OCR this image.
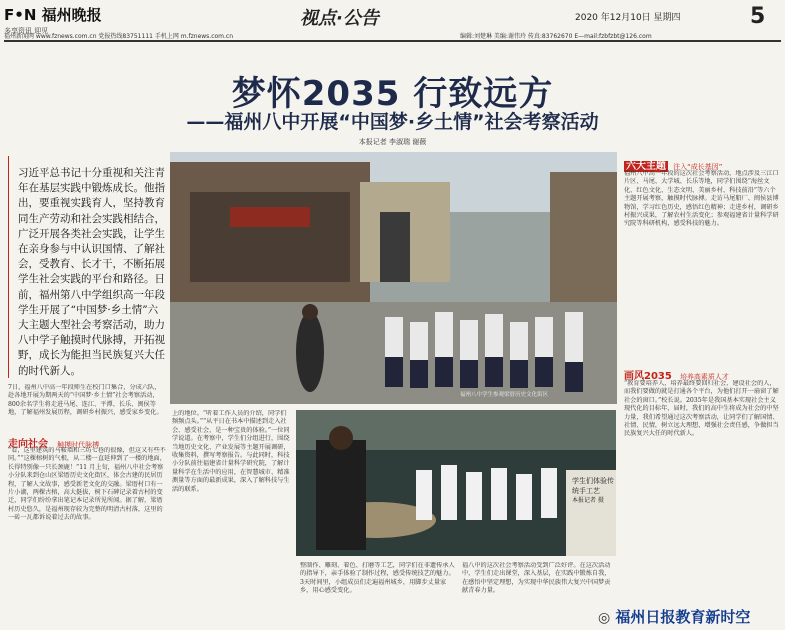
F•N 福州晚报
多享资讯 迎见
视点·公告	2020 年12月10日 星期四	5
福州新闻网 www.fznews.com.cn 党报热线83751111 手机上网 m.fznews.com.cn	编辑:刘楚琳 美编:谢伟玲 传真:83762670 E—mail:fzbfzbt@126.com
梦怀2035 行致远方
——福州八中开展“中国梦·乡土情”社会考察活动
本报记者 李淑瑞 谢薇
习近平总书记十分重视和关注青年在基层实践中锻炼成长。他指出，要重视实践育人，坚持教育同生产劳动和社会实践相结合，广泛开展各类社会实践，让学生在亲身参与中认识国情、了解社会，受教育、长才干，不断拓展学生社会实践的平台和路径。日前，福州第八中学组织高一年段学生开展了“中国梦·乡土情”六大主题大型社会考察活动，助力八中学子触摸时代脉搏，开拓视野，成长为能担当民族复兴大任的时代新人。
7日，福州八中高一年段师生在校门口集合，分成六队，赴各地开展为期两天的“中国梦·乡土情”社会考察活动，800余名学生将走进马尾、连江、平潭、长乐、闽侯等地，了解福州发展历程，调研乡村振兴，感受家乡变化。
走向社会 触摸时代脉搏
“看，这里建筑的马鞍墙和三坊七巷的很像，但这又有些不同。”“这棵榕树的气根，从二楼一直延伸到了一楼的地面，长得特别像一只长颈鹿！”11 月上旬，福州八中社会考察小分队来到仓山区梁厝历史文化街区，体会古建的民居历程，了解人文故事，感受新老文化的交融。梁厝村口有一片小湖，两棵古榕，高大挺拔，树下石碑记录着古村的变迁，同学们纷纷拿出笔记本记录所见所闻。据了解，梁厝村历史悠久，是福州现存较为完整的明清古村落，这里的一砖一瓦都诉说着过去的故事。
福州八中学生参观梁厝历史文化街区
上的地位。“听着工作人员的介绍，同学们频频点头。”“从平日在书本中描述到走入社会、感受社会，是一种宝贵的体验。”一位同学说道。在考察中，学生们分组进行，围绕当地历史文化、产业发展等主题开展调研，收集资料，撰写考察报告。与此同时，科技小分队前往福建省计量科学研究院，了解计量科学在生活中的应用，在智慧城市、精准测量等方面的最新成果，深入了解科技与生活的联系。
学生们体验传统手工艺
本报记者 摄
整制作、雕刻、着色、打磨等工艺，同学们在非遗传承人的指导下，亲手体验了制作过程，感受传统技艺的魅力。3天时间里，小组成员们走遍福州城乡，用脚步丈量家乡，用心感受变化。
福八中的这次社会考察活动受到广泛好评。在这次活动中，学生们走出课堂，深入基层，在实践中锻炼自我，在感悟中坚定理想，为实现中华民族伟大复兴中国梦贡献青春力量。
六大主题 注入“成长基因”
福州八中高一年段的这次社会考察活动，地点涉及三江口片区、马尾、大学城、长乐等地，同学们围绕“海丝文化、红色文化、生态文明、美丽乡村、科技前沿”等六个主题开展考察，触摸时代脉搏。走访马尾船厂、闽侯县博物馆，学习红色历史，感悟红色精神；走进乡村，调研乡村振兴成果，了解农村生活变化；参观福建省计量科学研究院等科研机构，感受科技的魅力。
画风2035 培养高素质人才
“教育要培养人，培养最终要回归社会、建设社会的人，而我们要做的就是打通各个平台，为他们打开一扇窗了解社会的窗口。”校长说。2035年是我国基本实现社会主义现代化的目标年，届时，我们的高中生将成为社会的中坚力量，我们希望通过这次考察活动，让同学们了解国情、社情、民情，树立远大理想，增强社会责任感，争做担当民族复兴大任的时代新人。
◎ 福州日报教育新时空
